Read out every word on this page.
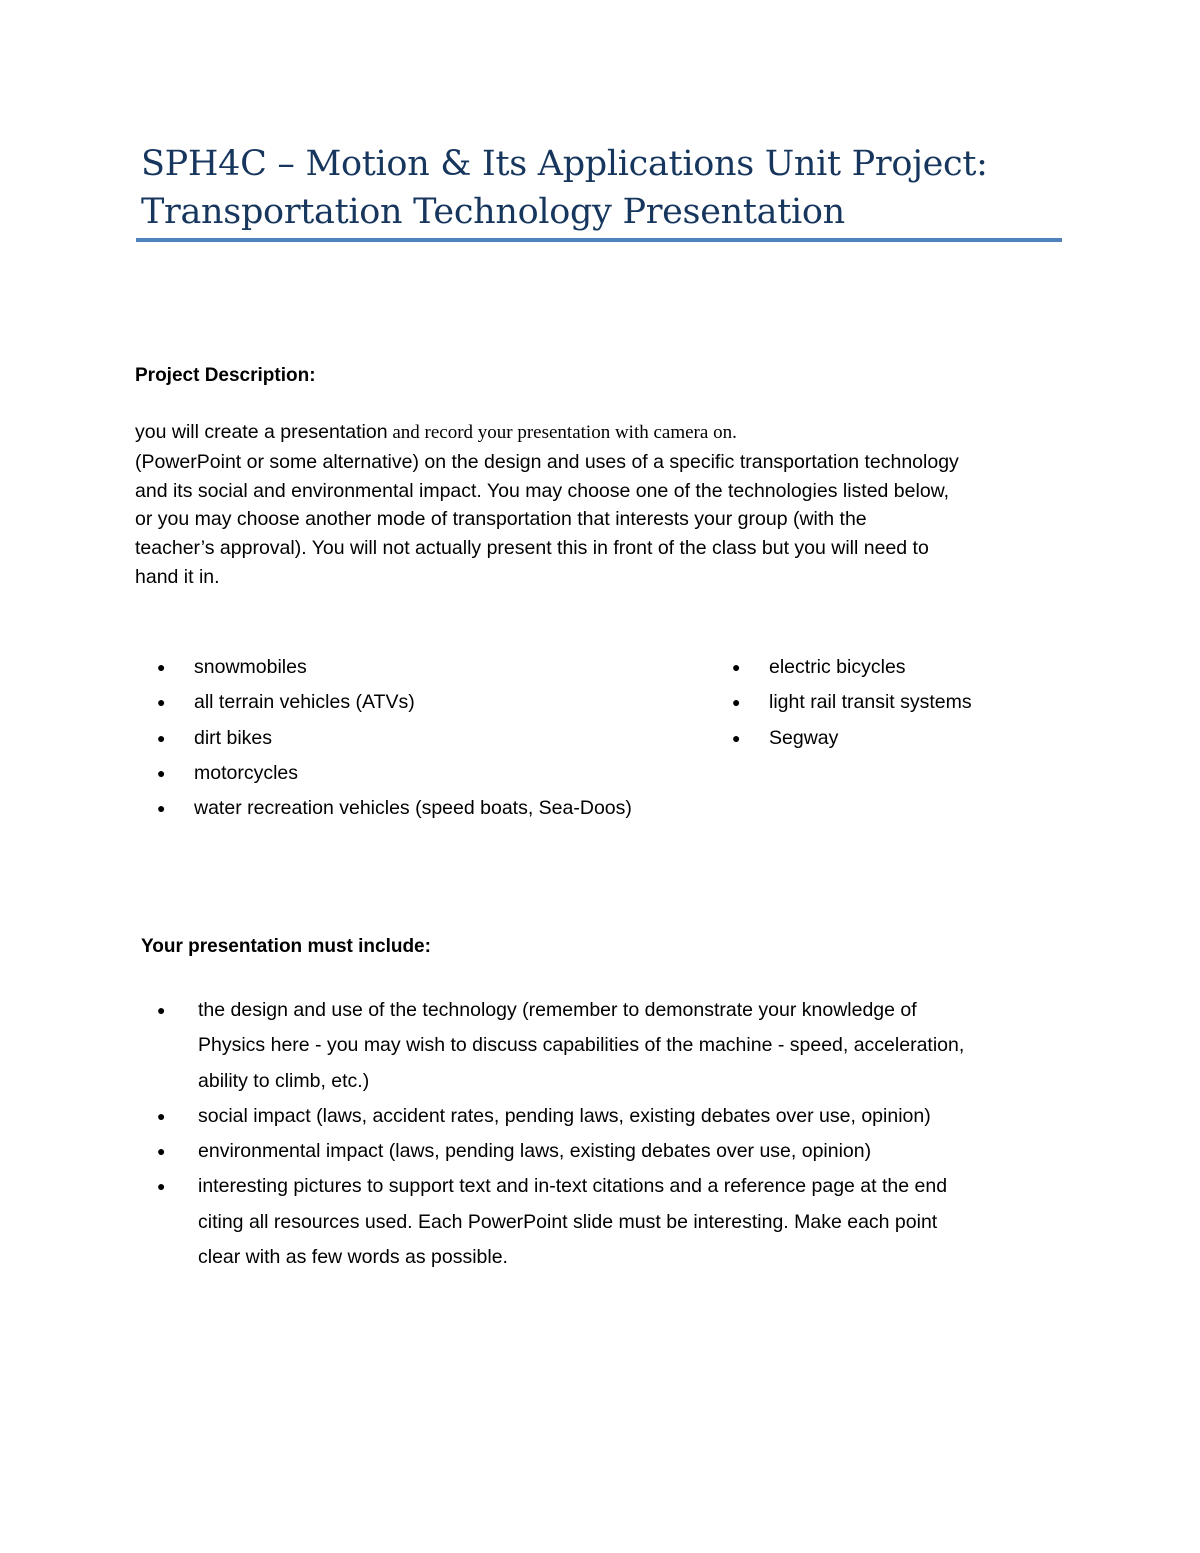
SPH4C – Motion & Its Applications Unit Project:
Transportation Technology Presentation
Project Description:
you will create a presentation and record your presentation with camera on.
(PowerPoint or some alternative) on the design and uses of a specific transportation technology
and its social and environmental impact. You may choose one of the technologies listed below,
or you may choose another mode of transportation that interests your group (with the
teacher’s approval). You will not actually present this in front of the class but you will need to
hand it in.
● snowmobiles
● all terrain vehicles (ATVs)
● dirt bikes
● motorcycles
● water recreation vehicles (speed boats, Sea-Doos)
● electric bicycles
● light rail transit systems
● Segway
Your presentation must include:
● the design and use of the technology (remember to demonstrate your knowledge of
Physics here - you may wish to discuss capabilities of the machine - speed, acceleration,
ability to climb, etc.)
● social impact (laws, accident rates, pending laws, existing debates over use, opinion)
● environmental impact (laws, pending laws, existing debates over use, opinion)
● interesting pictures to support text and in-text citations and a reference page at the end
citing all resources used. Each PowerPoint slide must be interesting. Make each point
clear with as few words as possible.
